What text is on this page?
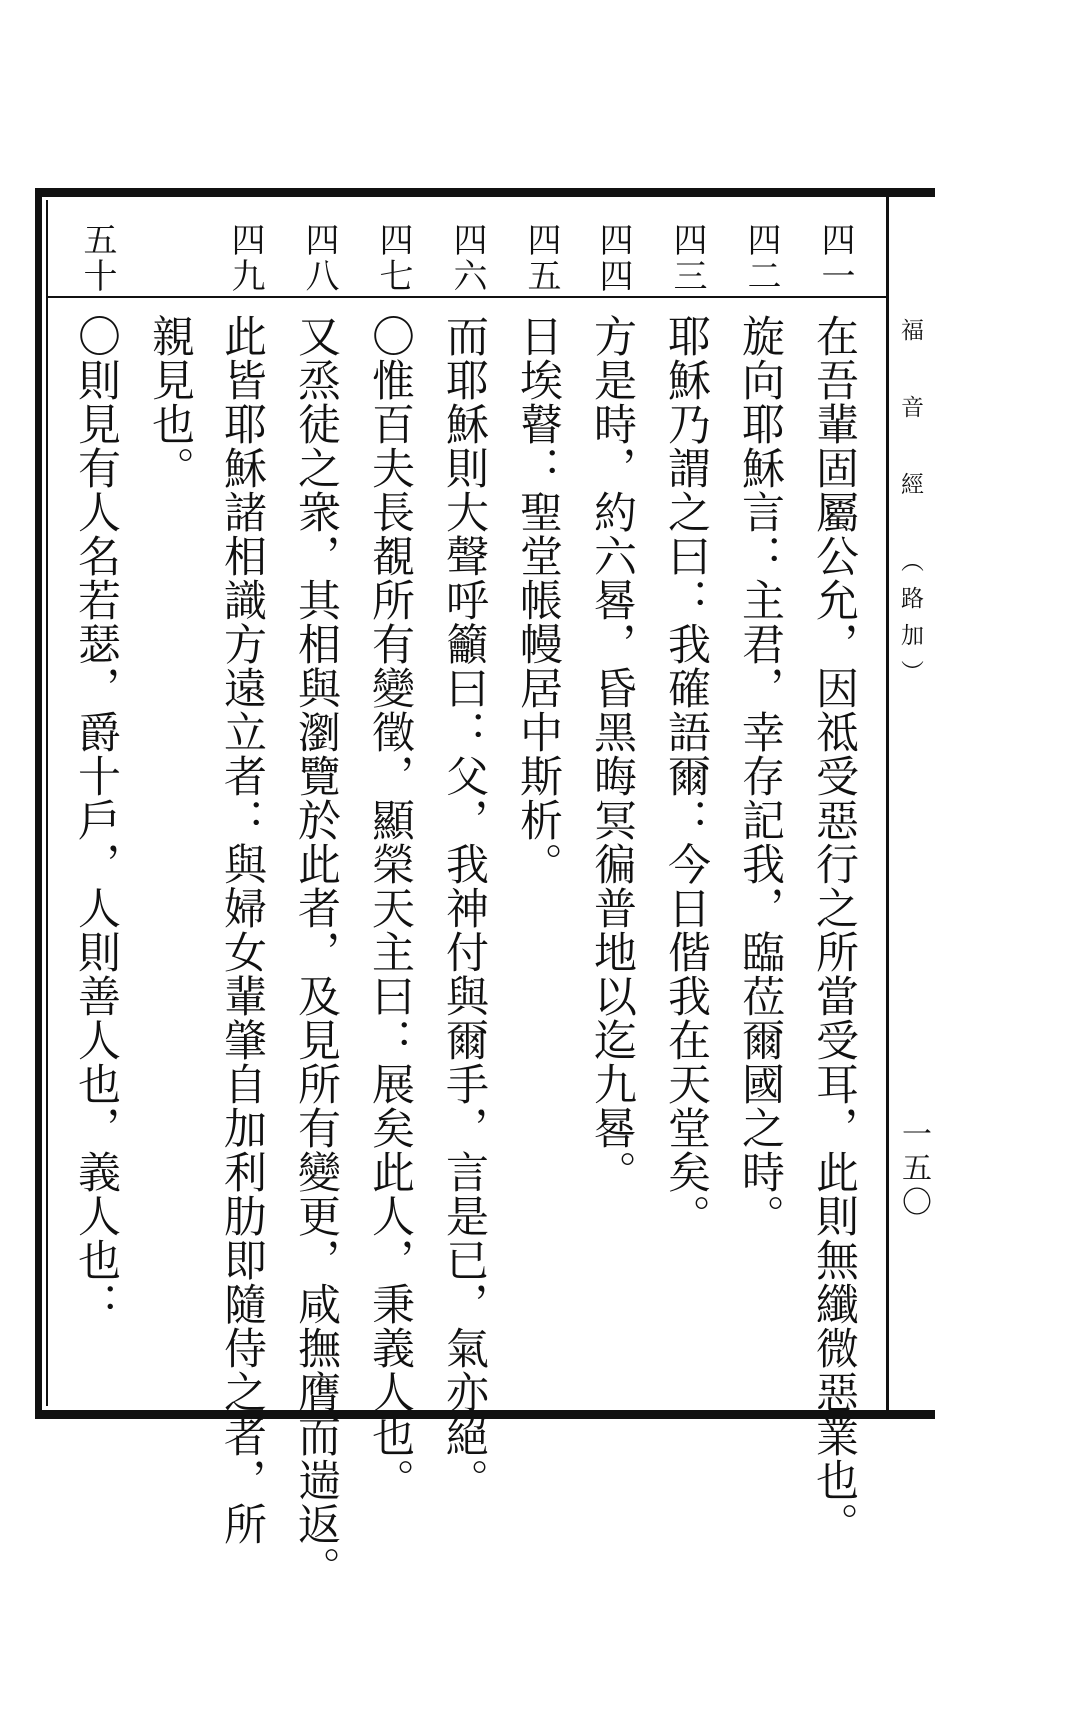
福 音 經 （路加）
一五〇
四一
四二
四三
四四
四五
四六
四七
四八
四九
五十
在吾輩固屬公允，因祗受惡行之所當受耳，此則無纖微惡業也。
旋向耶穌言：主君，幸存記我，臨莅爾國之時。
耶穌乃謂之曰：我確語爾：今日偕我在天堂矣。
方是時，約六晷，昏黑晦冥徧普地以迄九晷。
日埃瞽：聖堂帳幔居中斯析。
而耶穌則大聲呼籲曰：父，我神付與爾手，言是已，氣亦絕。
〇惟百夫長覩所有變徵，顯榮天主曰：展矣此人，秉義人也。
又烝徒之衆，其相與瀏覽於此者，及見所有變更，咸撫膺而遄返。
此皆耶穌諸相識方遠立者：與婦女輩肇自加利肋即隨侍之者，所
親見也。
〇則見有人名若瑟，爵十戶，人則善人也，義人也：
